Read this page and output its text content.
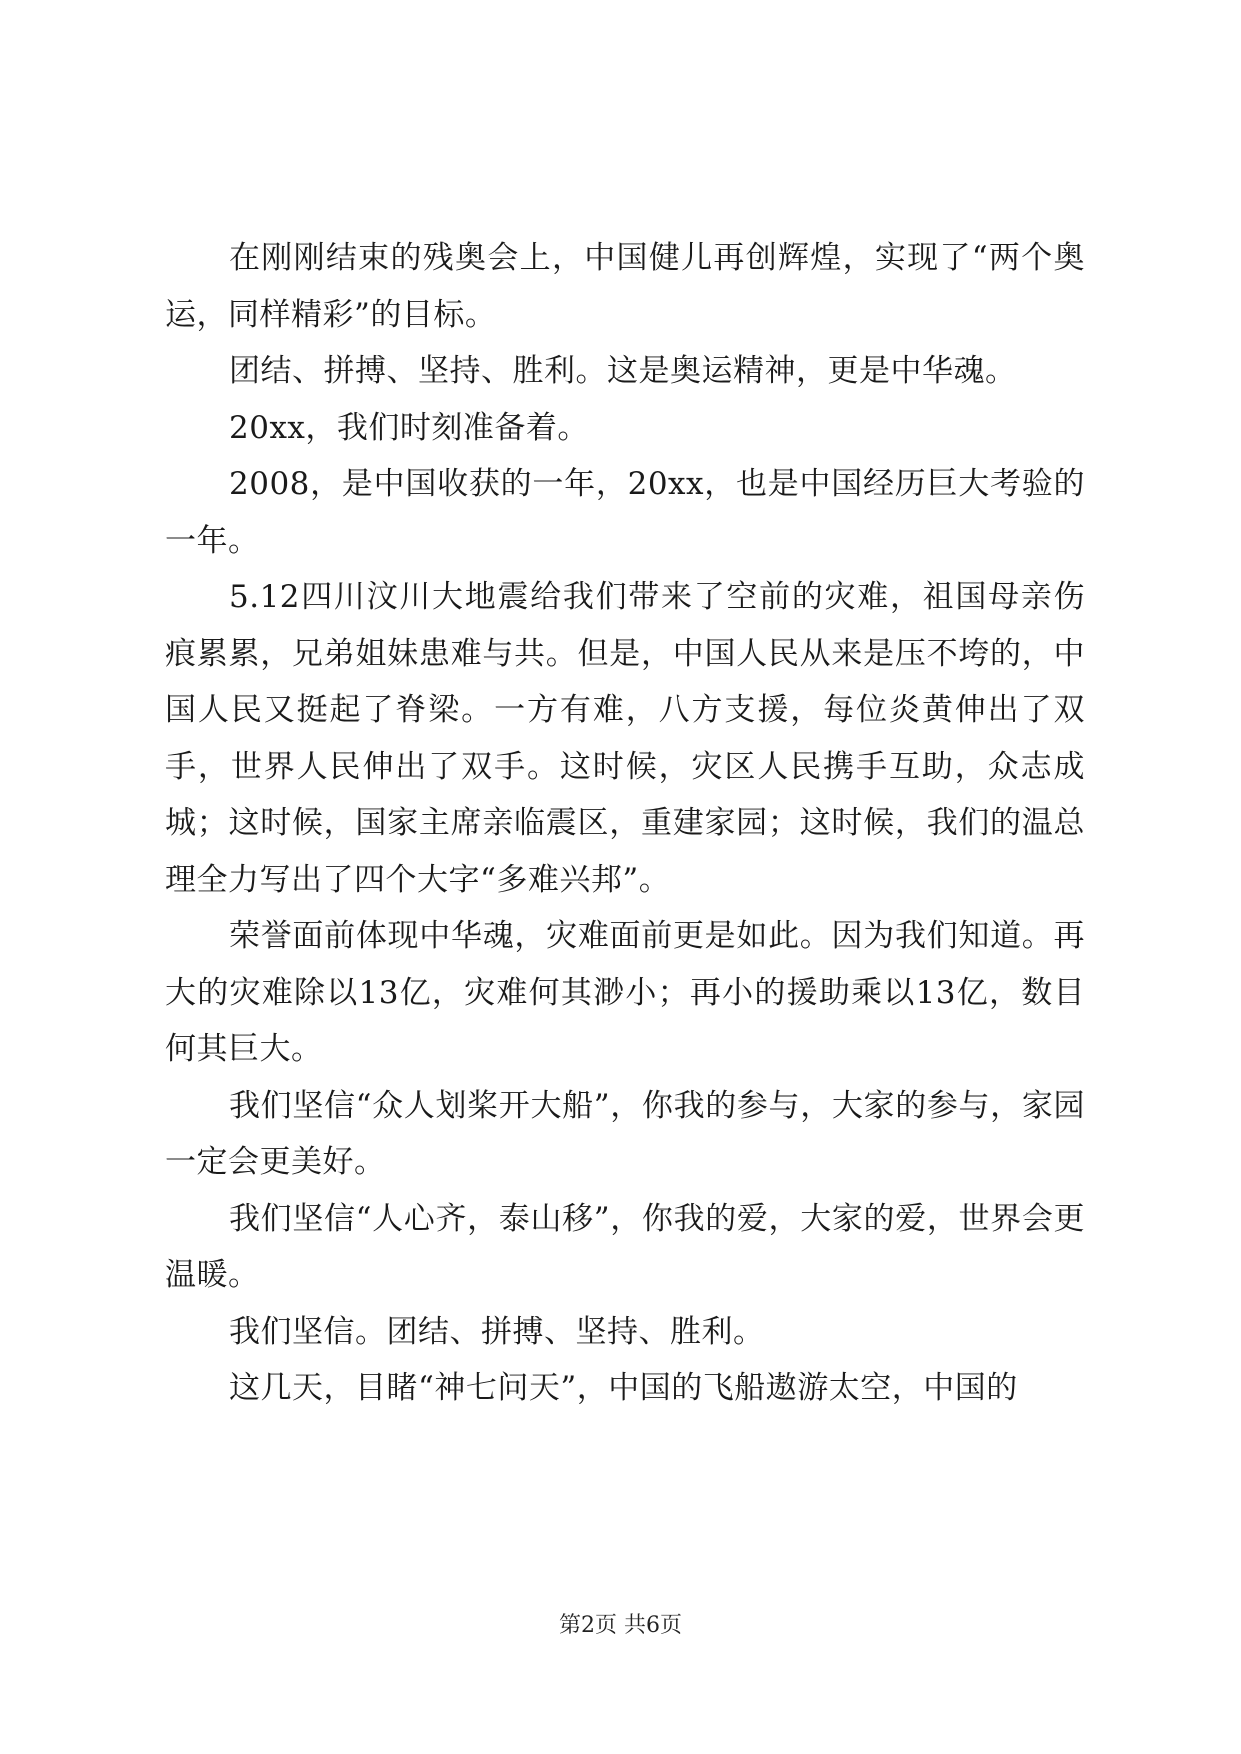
在刚刚结束的残奥会上，中国健儿再创辉煌，实现了“两个奥运，同样精彩”的目标。

团结、拼搏、坚持、胜利。这是奥运精神，更是中华魂。

20xx，我们时刻准备着。

2008，是中国收获的一年，20xx，也是中国经历巨大考验的一年。

5.12四川汶川大地震给我们带来了空前的灾难，祖国母亲伤痕累累，兄弟姐妹患难与共。但是，中国人民从来是压不垮的，中国人民又挺起了脊梁。一方有难，八方支援，每位炎黄伸出了双手，世界人民伸出了双手。这时候，灾区人民携手互助，众志成城；这时候，国家主席亲临震区，重建家园；这时候，我们的温总理全力写出了四个大字“多难兴邦”。

荣誉面前体现中华魂，灾难面前更是如此。因为我们知道。再大的灾难除以13亿，灾难何其渺小；再小的援助乘以13亿，数目何其巨大。

我们坚信“众人划桨开大船”，你我的参与，大家的参与，家园一定会更美好。

我们坚信“人心齐，泰山移”，你我的爱，大家的爱，世界会更温暖。

我们坚信。团结、拼搏、坚持、胜利。

这几天，目睹“神七问天”，中国的飞船遨游太空，中国的

第2页 共6页
